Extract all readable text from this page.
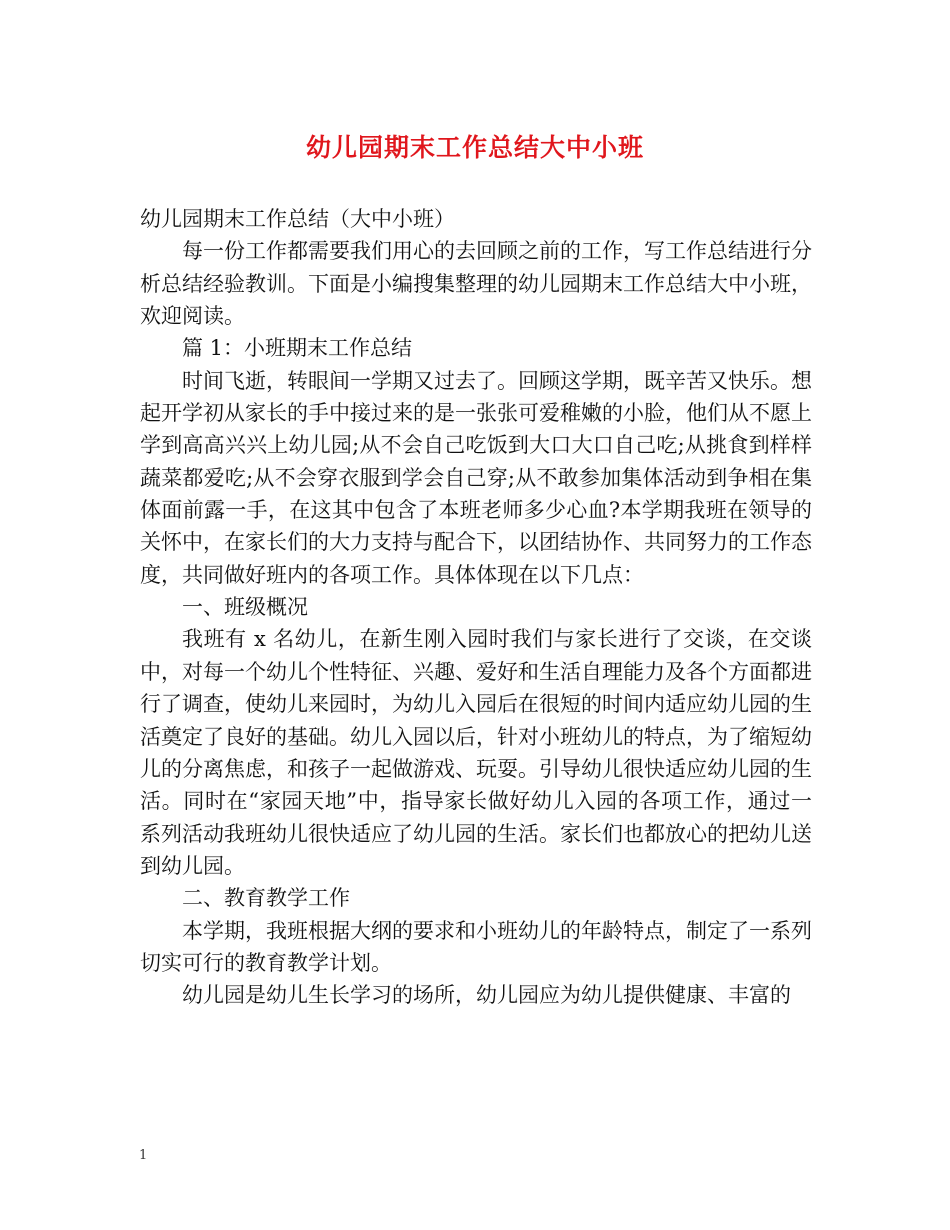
幼儿园期末工作总结大中小班

幼儿园期末工作总结（大中小班）

每一份工作都需要我们用心的去回顾之前的工作，写工作总结进行分析总结经验教训。下面是小编搜集整理的幼儿园期末工作总结大中小班，欢迎阅读。

篇 1：小班期末工作总结

时间飞逝，转眼间一学期又过去了。回顾这学期，既辛苦又快乐。想起开学初从家长的手中接过来的是一张张可爱稚嫩的小脸，他们从不愿上学到高高兴兴上幼儿园;从不会自己吃饭到大口大口自己吃;从挑食到样样蔬菜都爱吃;从不会穿衣服到学会自己穿;从不敢参加集体活动到争相在集体面前露一手，在这其中包含了本班老师多少心血?本学期我班在领导的关怀中，在家长们的大力支持与配合下，以团结协作、共同努力的工作态度，共同做好班内的各项工作。具体体现在以下几点：

一、班级概况

我班有 x 名幼儿，在新生刚入园时我们与家长进行了交谈，在交谈中，对每一个幼儿个性特征、兴趣、爱好和生活自理能力及各个方面都进行了调查，使幼儿来园时，为幼儿入园后在很短的时间内适应幼儿园的生活奠定了良好的基础。幼儿入园以后，针对小班幼儿的特点，为了缩短幼儿的分离焦虑，和孩子一起做游戏、玩耍。引导幼儿很快适应幼儿园的生活。同时在“家园天地”中，指导家长做好幼儿入园的各项工作，通过一系列活动我班幼儿很快适应了幼儿园的生活。家长们也都放心的把幼儿送到幼儿园。

二、教育教学工作

本学期，我班根据大纲的要求和小班幼儿的年龄特点，制定了一系列切实可行的教育教学计划。

幼儿园是幼儿生长学习的场所，幼儿园应为幼儿提供健康、丰富的

1
